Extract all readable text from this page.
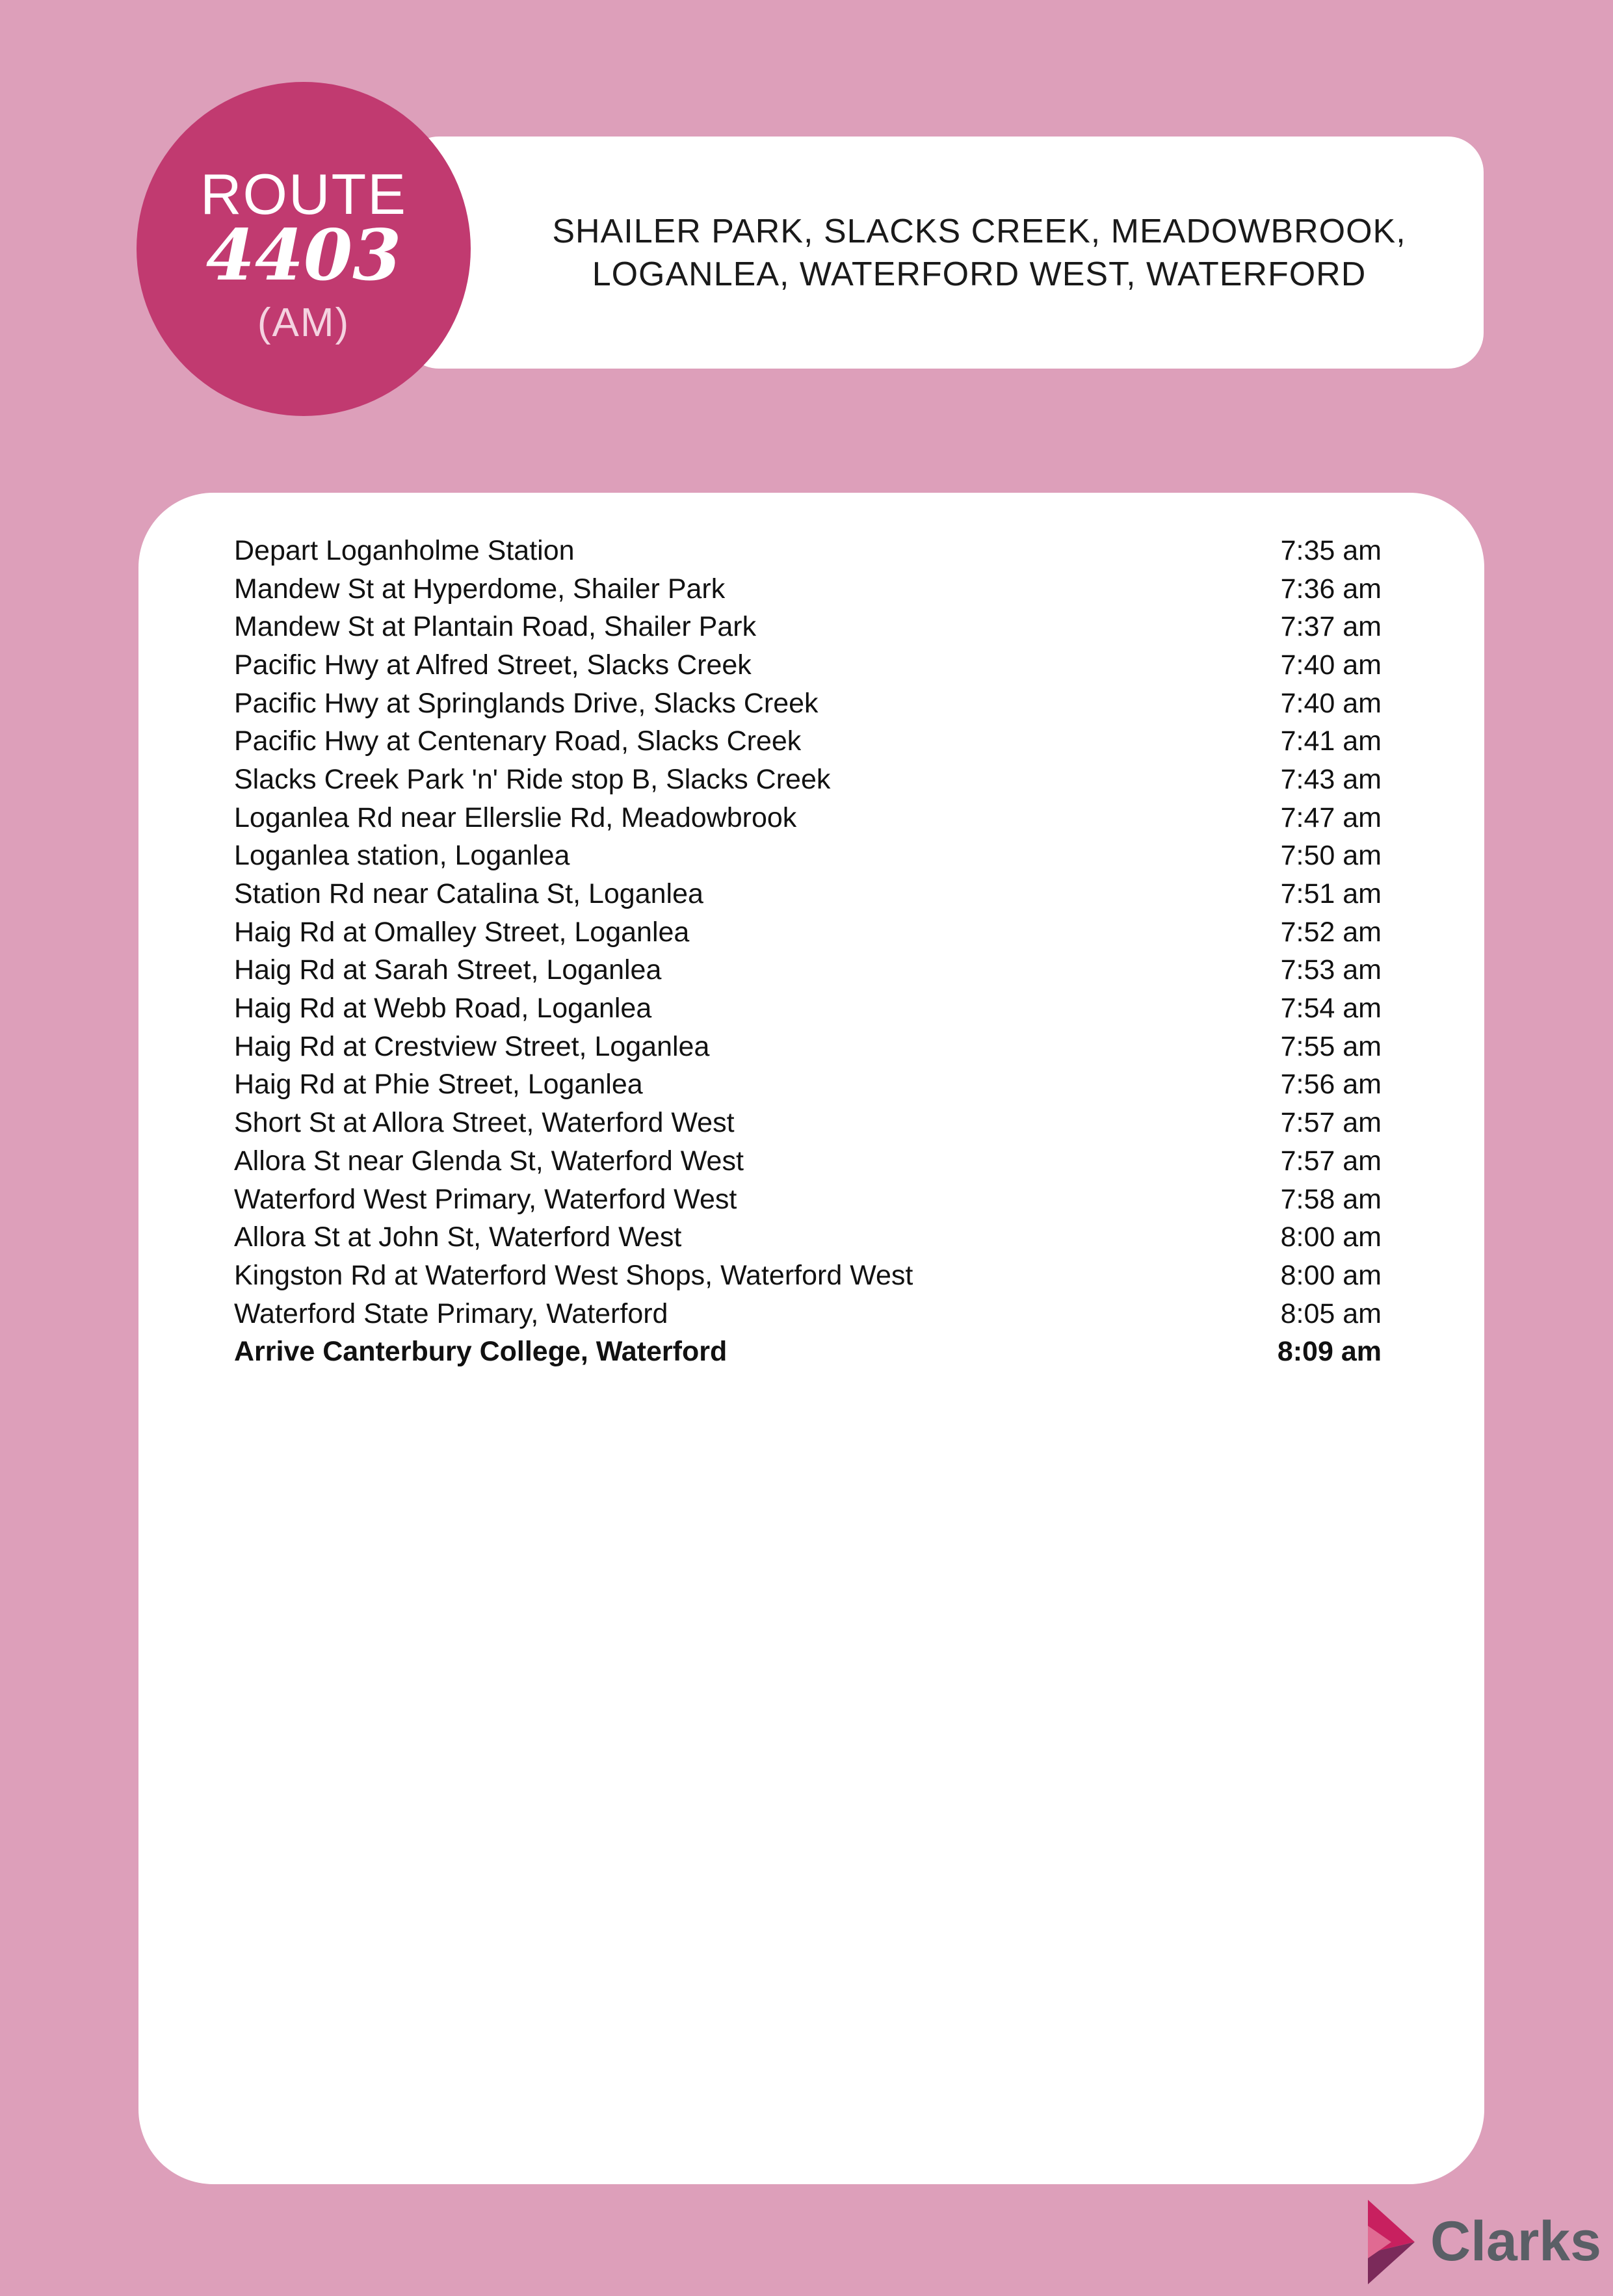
SHAILER PARK, SLACKS CREEK, MEADOWBROOK,
LOGANLEA, WATERFORD WEST, WATERFORD
ROUTE
4403
(AM)
Depart Loganholme Station	7:35 am
Mandew St at Hyperdome, Shailer Park	7:36 am
Mandew St at Plantain Road, Shailer Park	7:37 am
Pacific Hwy at Alfred Street, Slacks Creek	7:40 am
Pacific Hwy at Springlands Drive, Slacks Creek	7:40 am
Pacific Hwy at Centenary Road, Slacks Creek	7:41 am
Slacks Creek Park 'n' Ride stop B, Slacks Creek	7:43 am
Loganlea Rd near Ellerslie Rd, Meadowbrook	7:47 am
Loganlea station, Loganlea	7:50 am
Station Rd near Catalina St, Loganlea	7:51 am
Haig Rd at Omalley Street, Loganlea	7:52 am
Haig Rd at Sarah Street, Loganlea	7:53 am
Haig Rd at Webb Road, Loganlea	7:54 am
Haig Rd at Crestview Street, Loganlea	7:55 am
Haig Rd at Phie Street, Loganlea	7:56 am
Short St at Allora Street, Waterford West	7:57 am
Allora St near Glenda St, Waterford West	7:57 am
Waterford West Primary, Waterford West	7:58 am
Allora St at John St, Waterford West	8:00 am
Kingston Rd at Waterford West Shops, Waterford West	8:00 am
Waterford State Primary, Waterford	8:05 am
Arrive Canterbury College, Waterford	8:09 am
Clarks
